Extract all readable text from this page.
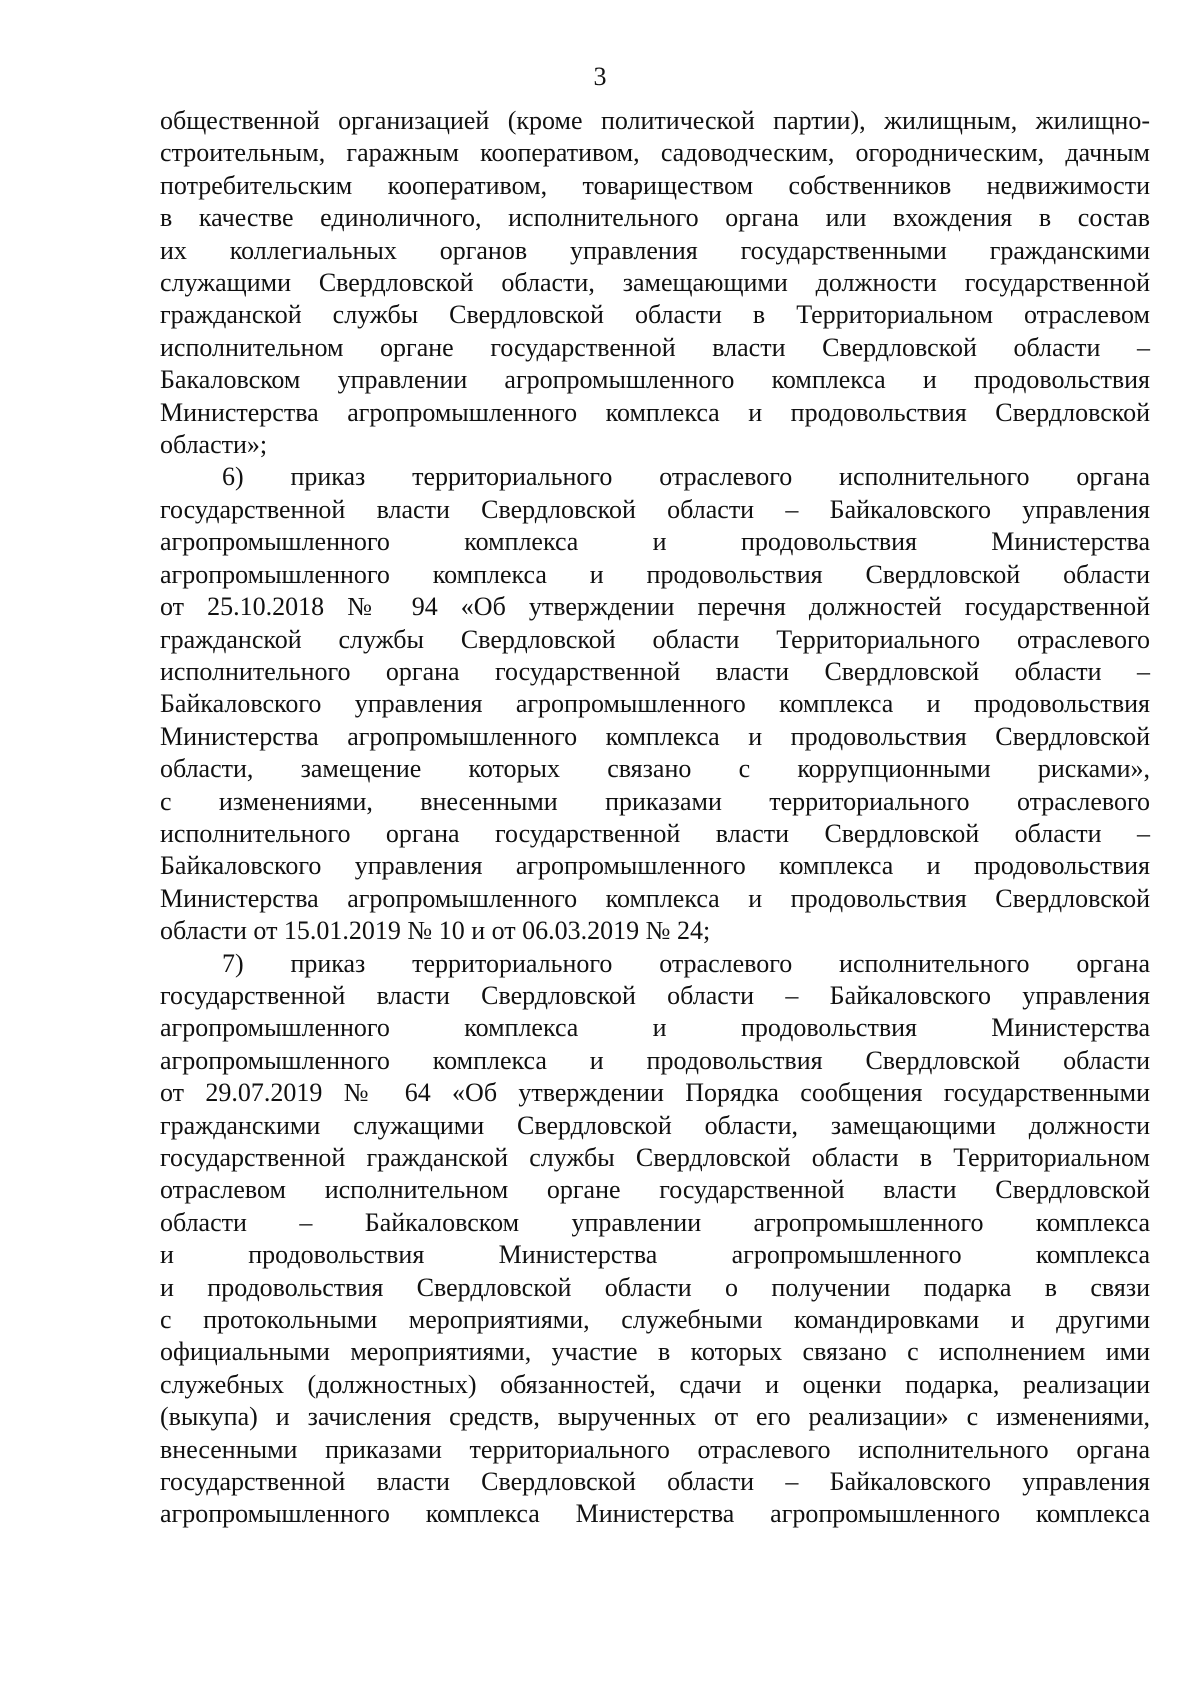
3
общественной организацией (кроме политической партии), жилищным, жилищно-
строительным, гаражным кооперативом, садоводческим, огородническим, дачным
потребительским кооперативом, товариществом собственников недвижимости
в качестве единоличного, исполнительного органа или вхождения в состав
их коллегиальных органов управления государственными гражданскими
служащими Свердловской области, замещающими должности государственной
гражданской службы Свердловской области в Территориальном отраслевом
исполнительном органе государственной власти Свердловской области –
Бакаловском управлении агропромышленного комплекса и продовольствия
Министерства агропромышленного комплекса и продовольствия Свердловской
области»;
6) приказ территориального отраслевого исполнительного органа
государственной власти Свердловской области – Байкаловского управления
агропромышленного комплекса и продовольствия Министерства
агропромышленного комплекса и продовольствия Свердловской области
от 25.10.2018 № 94 «Об утверждении перечня должностей государственной
гражданской службы Свердловской области Территориального отраслевого
исполнительного органа государственной власти Свердловской области –
Байкаловского управления агропромышленного комплекса и продовольствия
Министерства агропромышленного комплекса и продовольствия Свердловской
области, замещение которых связано с коррупционными рисками»,
с изменениями, внесенными приказами территориального отраслевого
исполнительного органа государственной власти Свердловской области –
Байкаловского управления агропромышленного комплекса и продовольствия
Министерства агропромышленного комплекса и продовольствия Свердловской
области от 15.01.2019 № 10 и от 06.03.2019 № 24;
7) приказ территориального отраслевого исполнительного органа
государственной власти Свердловской области – Байкаловского управления
агропромышленного комплекса и продовольствия Министерства
агропромышленного комплекса и продовольствия Свердловской области
от 29.07.2019 № 64 «Об утверждении Порядка сообщения государственными
гражданскими служащими Свердловской области, замещающими должности
государственной гражданской службы Свердловской области в Территориальном
отраслевом исполнительном органе государственной власти Свердловской
области – Байкаловском управлении агропромышленного комплекса
и продовольствия Министерства агропромышленного комплекса
и продовольствия Свердловской области о получении подарка в связи
с протокольными мероприятиями, служебными командировками и другими
официальными мероприятиями, участие в которых связано с исполнением ими
служебных (должностных) обязанностей, сдачи и оценки подарка, реализации
(выкупа) и зачисления средств, вырученных от его реализации» с изменениями,
внесенными приказами территориального отраслевого исполнительного органа
государственной власти Свердловской области – Байкаловского управления
агропромышленного комплекса Министерства агропромышленного комплекса
